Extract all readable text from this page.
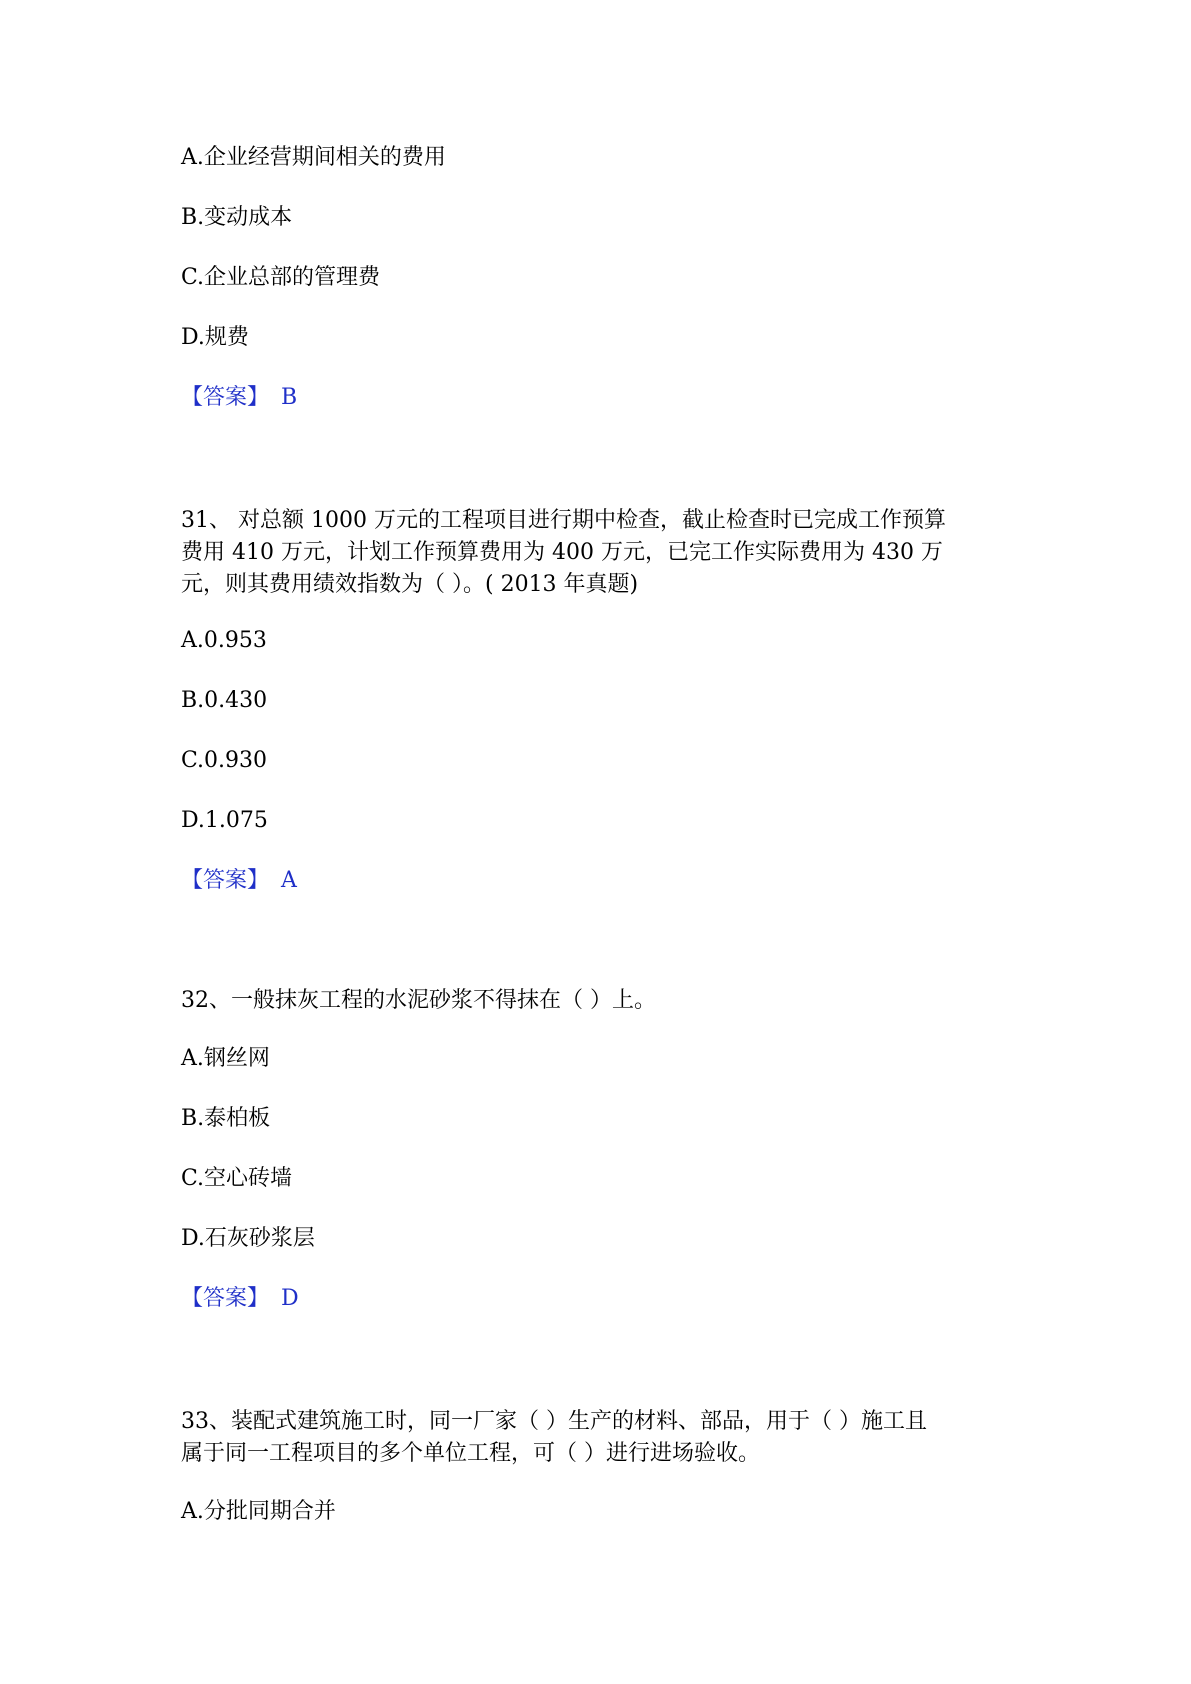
A.企业经营期间相关的费用

B.变动成本

C.企业总部的管理费

D.规费

【答案】 B

31、 对总额 1000 万元的工程项目进行期中检查，截止检查时已完成工作预算

费用 410 万元，计划工作预算费用为 400 万元，已完工作实际费用为 430 万

元，则其费用绩效指数为（ ）。( 2013 年真题)

A.0.953

B.0.430

C.0.930

D.1.075

【答案】 A

32、一般抹灰工程的水泥砂浆不得抹在（ ）上。

A.钢丝网

B.泰柏板

C.空心砖墙

D.石灰砂浆层

【答案】 D

33、装配式建筑施工时，同一厂家（ ）生产的材料、部品，用于（ ）施工且

属于同一工程项目的多个单位工程，可（ ）进行进场验收。

A.分批同期合并
